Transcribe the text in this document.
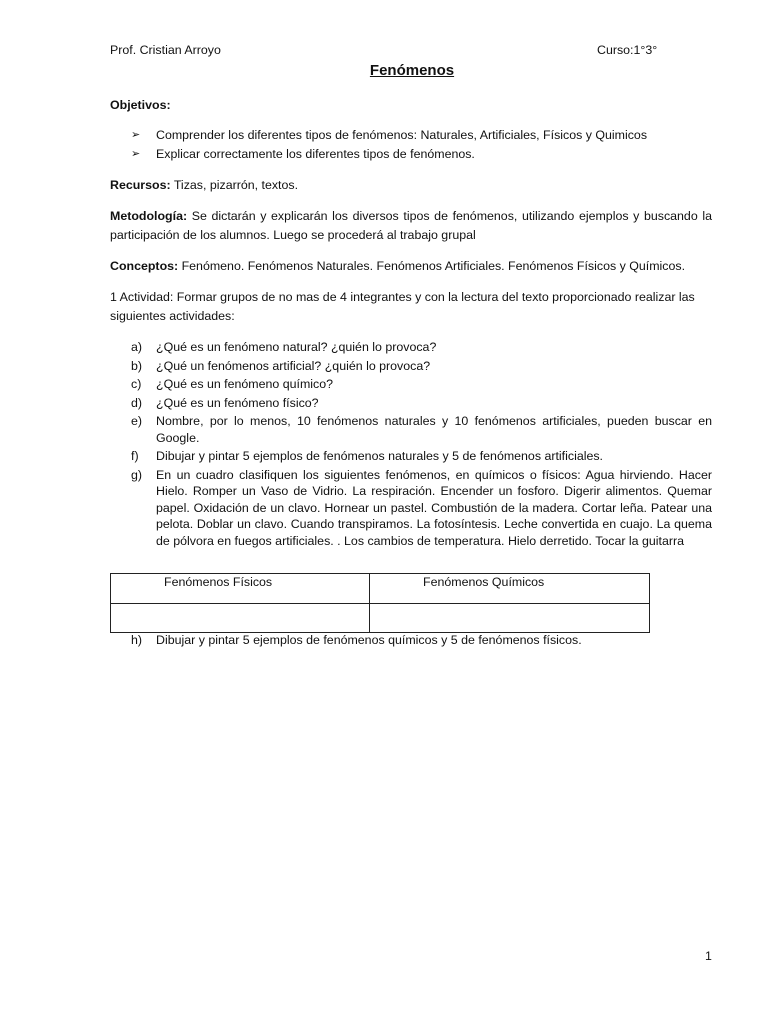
Prof. Cristian Arroyo	Curso:1°3°
Fenómenos
Objetivos:
➢	Comprender los diferentes tipos de fenómenos: Naturales, Artificiales, Físicos y Quimicos
➢	Explicar correctamente los diferentes tipos de fenómenos.
Recursos: Tizas, pizarrón, textos.
Metodología: Se dictarán y explicarán los diversos tipos de fenómenos, utilizando ejemplos y buscando la participación de los alumnos. Luego se procederá al trabajo grupal
Conceptos: Fenómeno. Fenómenos Naturales. Fenómenos Artificiales. Fenómenos Físicos y Químicos.
1 Actividad: Formar grupos de no mas de 4 integrantes y con la lectura del texto proporcionado realizar las siguientes actividades:
a)	¿Qué es un fenómeno natural? ¿quién lo provoca?
b)	¿Qué un fenómenos artificial? ¿quién lo provoca?
c)	¿Qué es un fenómeno químico?
d)	¿Qué es un fenómeno físico?
e)	Nombre, por lo menos, 10 fenómenos naturales y 10 fenómenos artificiales, pueden buscar en Google.
f)	Dibujar y pintar 5 ejemplos de fenómenos naturales y 5 de fenómenos artificiales.
g)	En un cuadro clasifiquen los siguientes fenómenos, en químicos o físicos: Agua hirviendo. Hacer Hielo. Romper un Vaso de Vidrio. La respiración. Encender un fosforo. Digerir alimentos. Quemar papel. Oxidación de un clavo. Hornear un pastel. Combustión de la madera. Cortar leña. Patear una pelota. Doblar un clavo. Cuando transpiramos. La fotosíntesis. Leche convertida en cuajo. La quema de pólvora en fuegos artificiales. . Los cambios de temperatura. Hielo derretido. Tocar la guitarra
Fenómenos Físicos	Fenómenos Químicos

h)	Dibujar y pintar 5 ejemplos de fenómenos químicos y 5 de fenómenos físicos.
1
